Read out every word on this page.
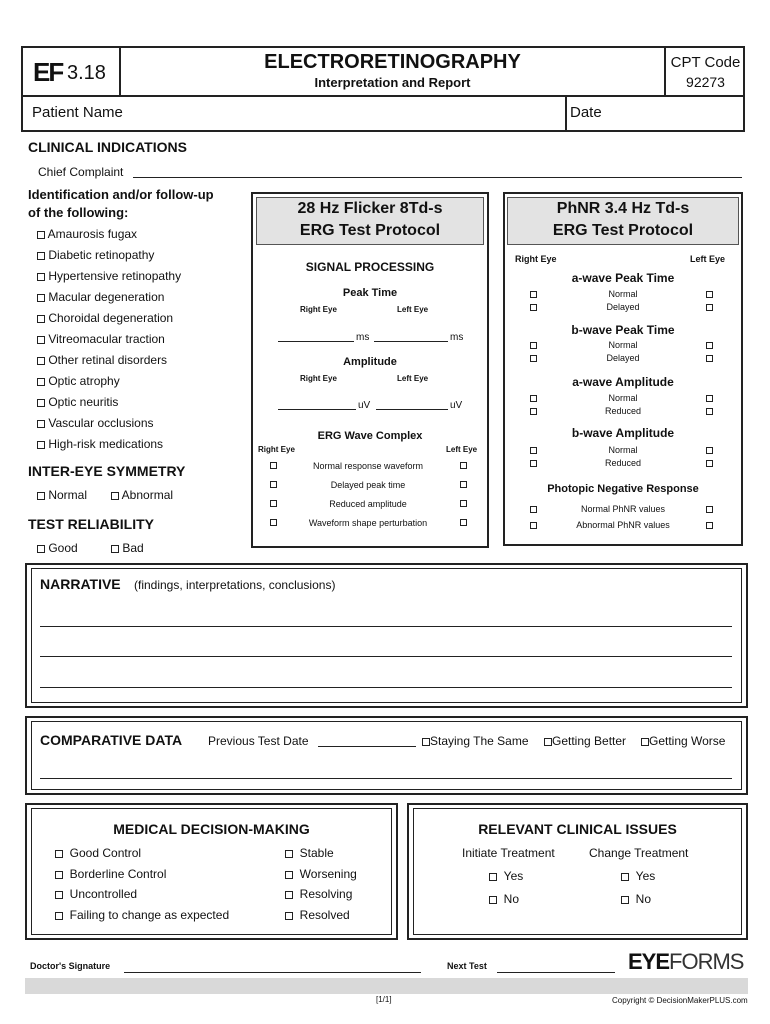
EF 3.18	ELECTRORETINOGRAPHY
Interpretation and Report
CPT Code
92273
Patient Name	Date
CLINICAL INDICATIONS
Chief Complaint
Identification and/or follow-up
of the following:
Amaurosis fugax
Diabetic retinopathy
Hypertensive retinopathy
Macular degeneration
Choroidal degeneration
Vitreomacular traction
Other retinal disorders
Optic atrophy
Optic neuritis
Vascular occlusions
High-risk medications
INTER-EYE SYMMETRY
Normal	Abnormal
TEST RELIABILITY
Good	Bad
28 Hz Flicker 8Td-s
ERG Test Protocol
SIGNAL PROCESSING
Peak Time
Right Eye	Left Eye
ms	ms
Amplitude
Right Eye	Left Eye
uV	uV
ERG Wave Complex
Right Eye	Left Eye
Normal response waveform
Delayed peak time
Reduced amplitude
Waveform shape perturbation
PhNR 3.4 Hz Td-s
ERG Test Protocol
Right Eye	Left Eye
a-wave Peak Time
Normal
Delayed
b-wave Peak Time
Normal
Delayed
a-wave Amplitude
Normal
Reduced
b-wave Amplitude
Normal
Reduced
Photopic Negative Response
Normal PhNR values
Abnormal PhNR values
NARRATIVE (findings, interpretations, conclusions)
COMPARATIVE DATA Previous Test Date	Staying The Same	Getting Better	Getting Worse
MEDICAL DECISION-MAKING
Good Control
Borderline Control
Uncontrolled
Failing to change as expected
Stable
Worsening
Resolving
Resolved
RELEVANT CLINICAL ISSUES
Initiate Treatment	Change Treatment
Yes
No
Yes
No
Doctor's Signature	Next Test	EYEFORMS
[1/1]	Copyright © DecisionMakerPLUS.com
